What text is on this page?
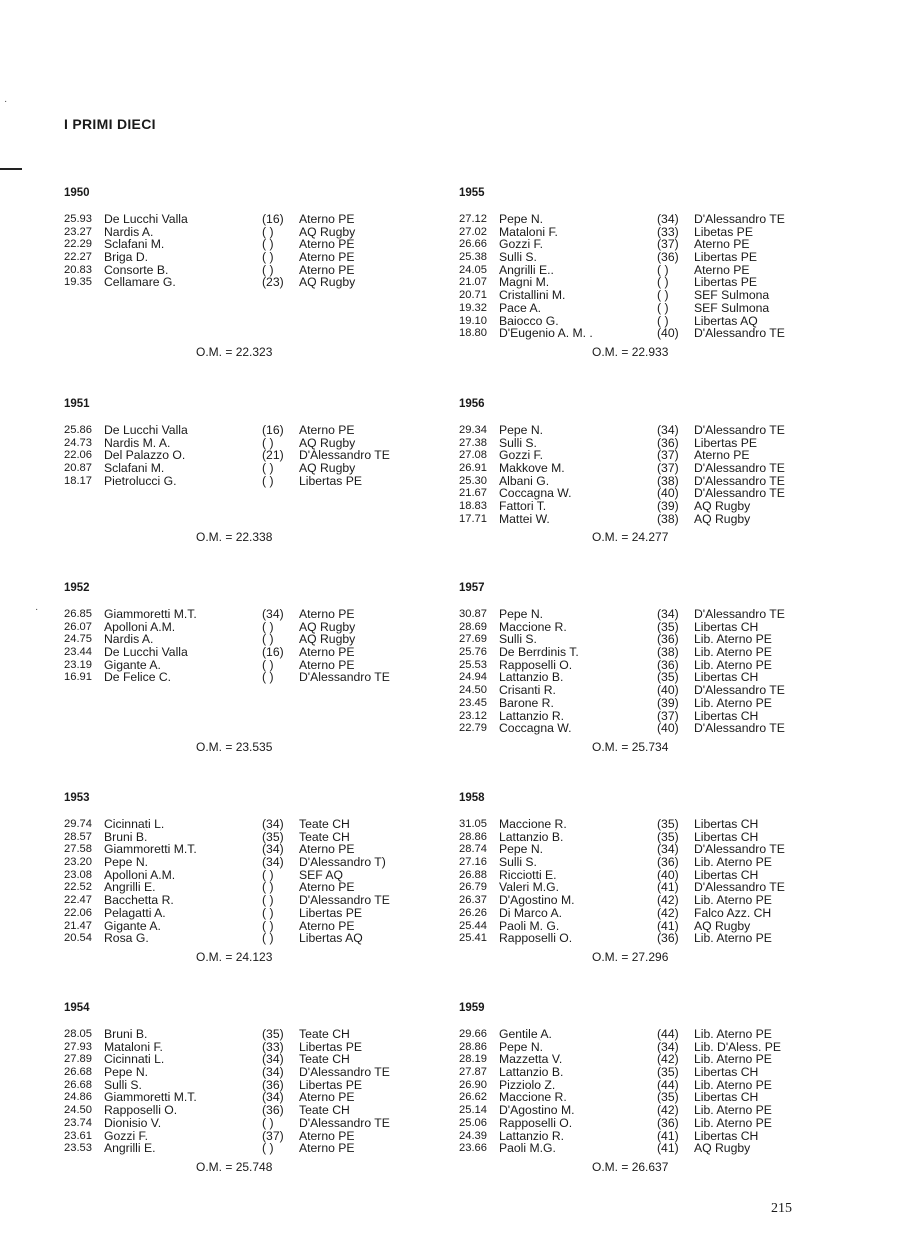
·
·
I PRIMI DIECI
1950
25.93 De Lucchi Valla	(16) Aterno PE
23.27 Nardis A.	( ) AQ Rugby
22.29 Sclafani M.	( ) Aterno PE
22.27 Briga D.	( ) Aterno PE
20.83 Consorte B.	( ) Aterno PE
19.35 Cellamare G.	(23) AQ Rugby
O.M. = 22.323
1955
27.12 Pepe N.	(34) D'Alessandro TE
27.02 Mataloni F.	(33) Libetas PE
26.66 Gozzi F.	(37) Aterno PE
25.38 Sulli S.	(36) Libertas PE
24.05 Angrilli E..	( ) Aterno PE
21.07 Magni M.	( ) Libertas PE
20.71 Cristallini M.	( ) SEF Sulmona
19.32 Pace A.	( ) SEF Sulmona
19.10 Baiocco G.	( ) Libertas AQ
18.80 D'Eugenio A. M. .	(40) D'Alessandro TE
O.M. = 22.933
1951
25.86 De Lucchi Valla	(16) Aterno PE
24.73 Nardis M. A.	( ) AQ Rugby
22.06 Del Palazzo O.	(21) D'Alessandro TE
20.87 Sclafani M.	( ) AQ Rugby
18.17 Pietrolucci G.	( ) Libertas PE
O.M. = 22.338
1956
29.34 Pepe N.	(34) D'Alessandro TE
27.38 Sulli S.	(36) Libertas PE
27.08 Gozzi F.	(37) Aterno PE
26.91 Makkove M.	(37) D'Alessandro TE
25.30 Albani G.	(38) D'Alessandro TE
21.67 Coccagna W.	(40) D'Alessandro TE
18.83 Fattori T.	(39) AQ Rugby
17.71 Mattei W.	(38) AQ Rugby
O.M. = 24.277
1952
26.85 Giammoretti M.T.	(34) Aterno PE
26.07 Apolloni A.M.	( ) AQ Rugby
24.75 Nardis A.	( ) AQ Rugby
23.44 De Lucchi Valla	(16) Aterno PE
23.19 Gigante A.	( ) Aterno PE
16.91 De Felice C.	( ) D'Alessandro TE
O.M. = 23.535
1957
30.87 Pepe N.	(34) D'Alessandro TE
28.69 Maccione R.	(35) Libertas CH
27.69 Sulli S.	(36) Lib. Aterno PE
25.76 De Berrdinis T.	(38) Lib. Aterno PE
25.53 Rapposelli O.	(36) Lib. Aterno PE
24.94 Lattanzio B.	(35) Libertas CH
24.50 Crisanti R.	(40) D'Alessandro TE
23.45 Barone R.	(39) Lib. Aterno PE
23.12 Lattanzio R.	(37) Libertas CH
22.79 Coccagna W.	(40) D'Alessandro TE
O.M. = 25.734
1953
29.74 Cicinnati L.	(34) Teate CH
28.57 Bruni B.	(35) Teate CH
27.58 Giammoretti M.T.	(34) Aterno PE
23.20 Pepe N.	(34) D'Alessandro T)
23.08 Apolloni A.M.	( ) SEF AQ
22.52 Angrilli E.	( ) Aterno PE
22.47 Bacchetta R.	( ) D'Alessandro TE
22.06 Pelagatti A.	( ) Libertas PE
21.47 Gigante A.	( ) Aterno PE
20.54 Rosa G.	( ) Libertas AQ
O.M. = 24.123
1958
31.05 Maccione R.	(35) Libertas CH
28.86 Lattanzio B.	(35) Libertas CH
28.74 Pepe N.	(34) D'Alessandro TE
27.16 Sulli S.	(36) Lib. Aterno PE
26.88 Ricciotti E.	(40) Libertas CH
26.79 Valeri M.G.	(41) D'Alessandro TE
26.37 D'Agostino M.	(42) Lib. Aterno PE
26.26 Di Marco A.	(42) Falco Azz. CH
25.44 Paoli M. G.	(41) AQ Rugby
25.41 Rapposelli O.	(36) Lib. Aterno PE
O.M. = 27.296
1954
28.05 Bruni B.	(35) Teate CH
27.93 Mataloni F.	(33) Libertas PE
27.89 Cicinnati L.	(34) Teate CH
26.68 Pepe N.	(34) D'Alessandro TE
26.68 Sulli S.	(36) Libertas PE
24.86 Giammoretti M.T.	(34) Aterno PE
24.50 Rapposelli O.	(36) Teate CH
23.74 Dionisio V.	( ) D'Alessandro TE
23.61 Gozzi F.	(37) Aterno PE
23.53 Angrilli E.	( ) Aterno PE
O.M. = 25.748
1959
29.66 Gentile A.	(44) Lib. Aterno PE
28.86 Pepe N.	(34) Lib. D'Aless. PE
28.19 Mazzetta V.	(42) Lib. Aterno PE
27.87 Lattanzio B.	(35) Libertas CH
26.90 Pizziolo Z.	(44) Lib. Aterno PE
26.62 Maccione R.	(35) Libertas CH
25.14 D'Agostino M.	(42) Lib. Aterno PE
25.06 Rapposelli O.	(36) Lib. Aterno PE
24.39 Lattanzio R.	(41) Libertas CH
23.66 Paoli M.G.	(41) AQ Rugby
O.M. = 26.637
215
